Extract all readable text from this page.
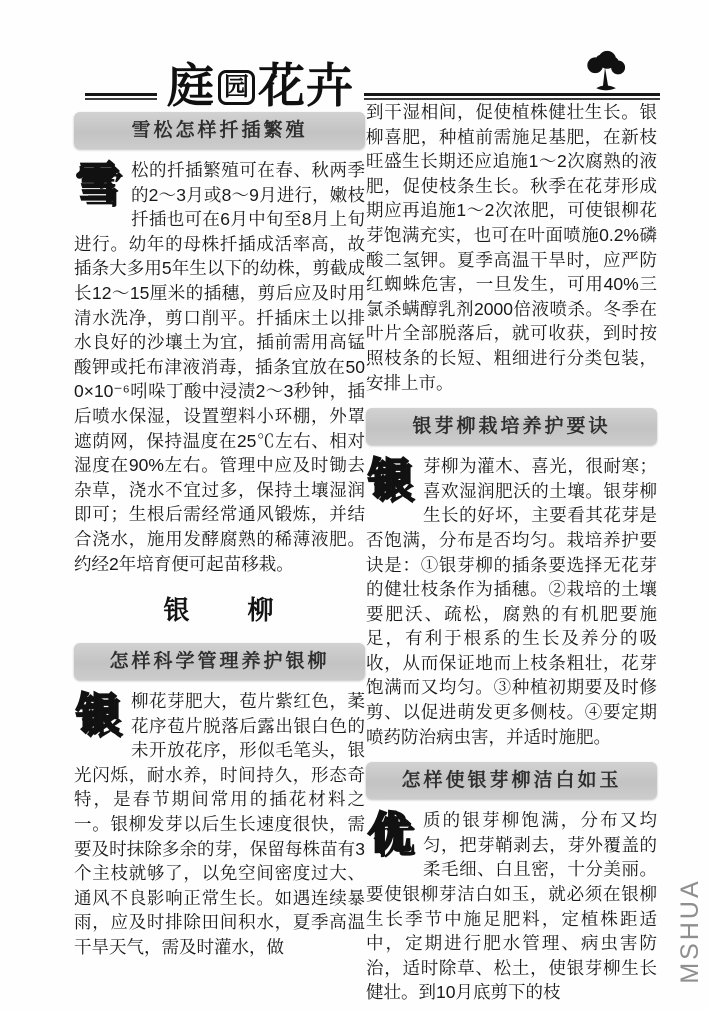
庭 园 花卉
雪松怎样扦插繁殖

雪松的扦插繁殖可在春、秋两季的2～3月或8～9月进行，嫩枝扦插也可在6月中旬至8月上旬进行。幼年的母株扦插成活率高，故插条大多用5年生以下的幼株，剪截成长12～15厘米的插穗，剪后应及时用清水洗净，剪口削平。扦插床土以排水良好的沙壤土为宜，插前需用高锰酸钾或托布津液消毒，插条宜放在500×10⁻⁶吲哚丁酸中浸渍2～3秒钟，插后喷水保湿，设置塑料小环棚，外罩遮荫网，保持温度在25℃左右、相对湿度在90%左右。管理中应及时锄去杂草，浇水不宜过多，保持土壤湿润即可；生根后需经常通风锻炼，并结合浇水，施用发酵腐熟的稀薄液肥。约经2年培育便可起苗移栽。

银　　柳
怎样科学管理养护银柳

银柳花芽肥大，苞片紫红色，葇花序苞片脱落后露出银白色的未开放花序，形似毛笔头，银光闪烁，耐水养，时间持久，形态奇特，是春节期间常用的插花材料之一。银柳发芽以后生长速度很快，需要及时抹除多余的芽，保留每株苗有3个主枝就够了，以免空间密度过大、通风不良影响正常生长。如遇连续暴雨，应及时排除田间积水，夏季高温干旱天气，需及时灌水，做

到干湿相间，促使植株健壮生长。银柳喜肥，种植前需施足基肥，在新枝旺盛生长期还应追施1～2次腐熟的液肥，促使枝条生长。秋季在花芽形成期应再追施1～2次浓肥，可使银柳花芽饱满充实，也可在叶面喷施0.2%磷酸二氢钾。夏季高温干旱时，应严防红蜘蛛危害，一旦发生，可用40%三氯杀螨醇乳剂2000倍液喷杀。冬季在叶片全部脱落后，就可收获，到时按照枝条的长短、粗细进行分类包装，安排上市。

银芽柳栽培养护要诀

银芽柳为灌木、喜光，很耐寒；喜欢湿润肥沃的土壤。银芽柳生长的好坏，主要看其花芽是否饱满，分布是否均匀。栽培养护要诀是：①银芽柳的插条要选择无花芽的健壮枝条作为插穗。②栽培的土壤要肥沃、疏松，腐熟的有机肥要施足，有利于根系的生长及养分的吸收，从而保证地而上枝条粗壮，花芽饱满而又均匀。③种植初期要及时修剪、以促进萌发更多侧枝。④要定期喷药防治病虫害，并适时施肥。

怎样使银芽柳洁白如玉

优质的银芽柳饱满，分布又均匀，把芽鞘剥去，芽外覆盖的柔毛细、白且密，十分美丽。要使银柳芽洁白如玉，就必须在银柳生长季节中施足肥料，定植株距适中，定期进行肥水管理、病虫害防治，适时除草、松土，使银芽柳生长健壮。到10月底剪下的枝

MSHUA
